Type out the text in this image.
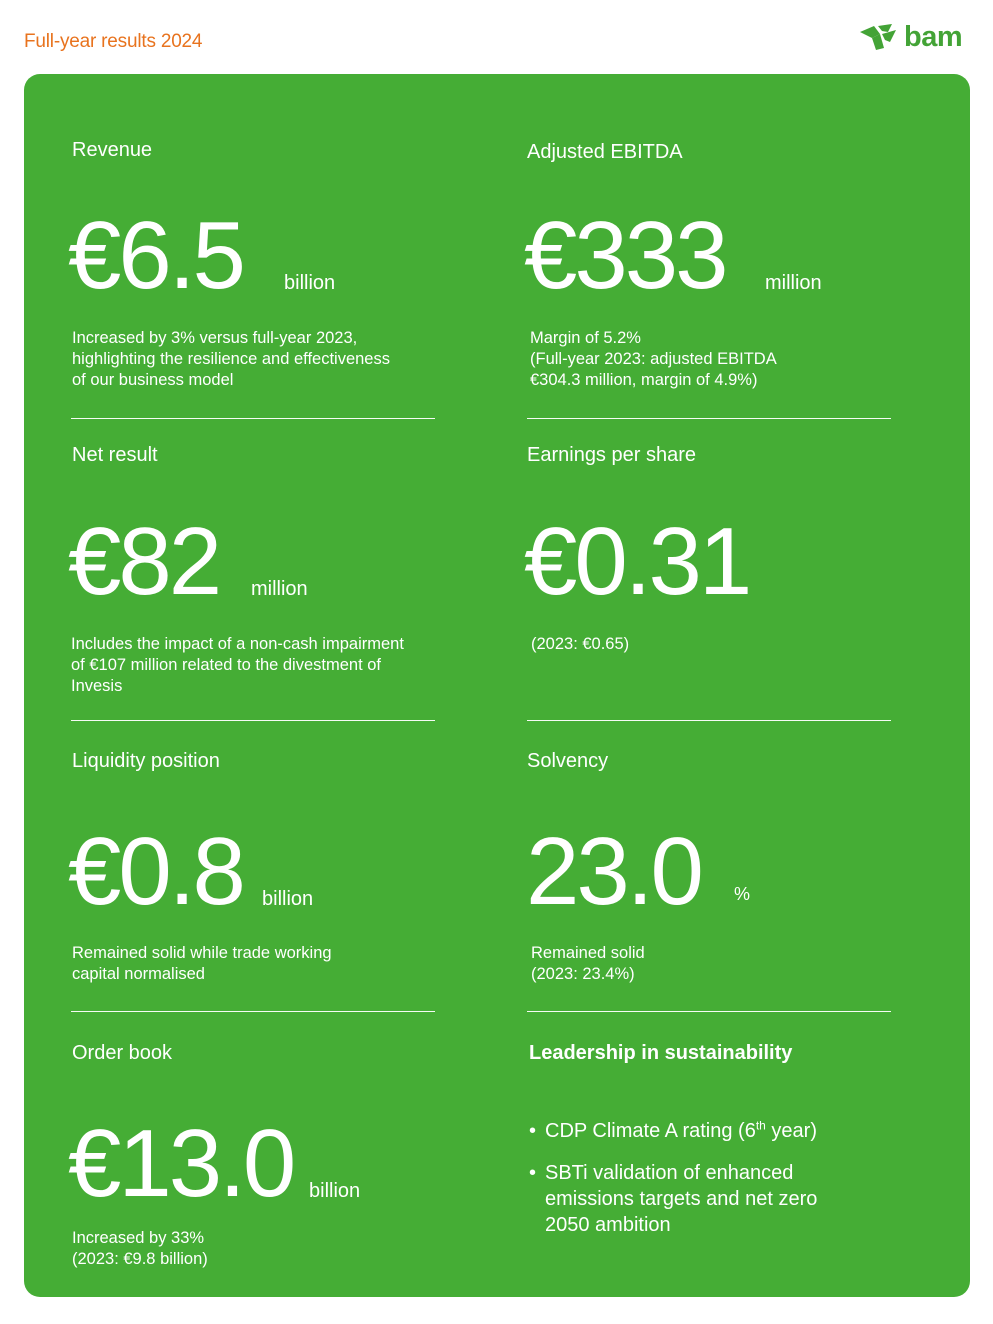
Full-year results 2024	bam
Revenue
€6.5 billion

Increased by 3% versus full-year 2023,

highlighting the resilience and effectiveness

of our business model

Adjusted EBITDA
€333 million

Margin of 5.2%

(Full-year 2023: adjusted EBITDA

€304.3 million, margin of 4.9%)

Net result
€82 million

Includes the impact of a non-cash impairment

of €107 million related to the divestment of

Invesis

Earnings per share
€0.31

(2023: €0.65)

Liquidity position
€0.8 billion

Remained solid while trade working

capital normalised

Solvency
23.0 %

Remained solid

(2023: 23.4%)

Order book
€13.0 billion

Increased by 33%

(2023: €9.8 billion)

Leadership in sustainability
• CDP Climate A rating (6th year)
• SBTi validation of enhanced
emissions targets and net zero
2050 ambition
